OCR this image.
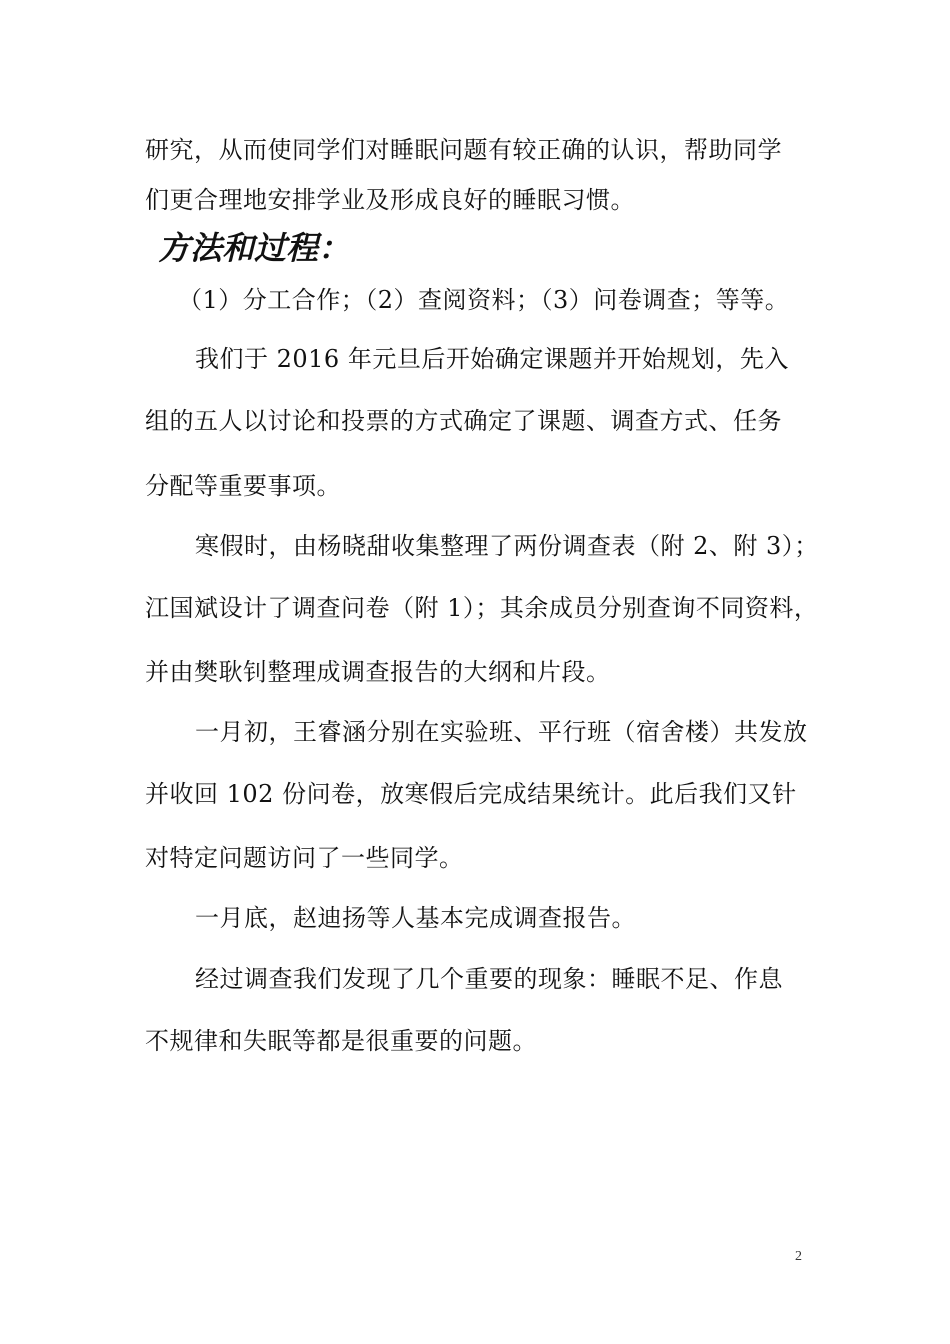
研究，从而使同学们对睡眠问题有较正确的认识，帮助同学
们更合理地安排学业及形成良好的睡眠习惯。
方法和过程：
（1）分工合作；（2）查阅资料；（3）问卷调查；等等。
我们于 2016 年元旦后开始确定课题并开始规划，先入
组的五人以讨论和投票的方式确定了课题、调查方式、任务
分配等重要事项。
寒假时，由杨晓甜收集整理了两份调查表（附 2、附 3）；
江国斌设计了调查问卷（附 1）；其余成员分别查询不同资料，
并由樊耿钊整理成调查报告的大纲和片段。
一月初，王睿涵分别在实验班、平行班（宿舍楼）共发放
并收回 102 份问卷，放寒假后完成结果统计。此后我们又针
对特定问题访问了一些同学。
一月底，赵迪扬等人基本完成调查报告。
经过调查我们发现了几个重要的现象：睡眠不足、作息
不规律和失眠等都是很重要的问题。
2
